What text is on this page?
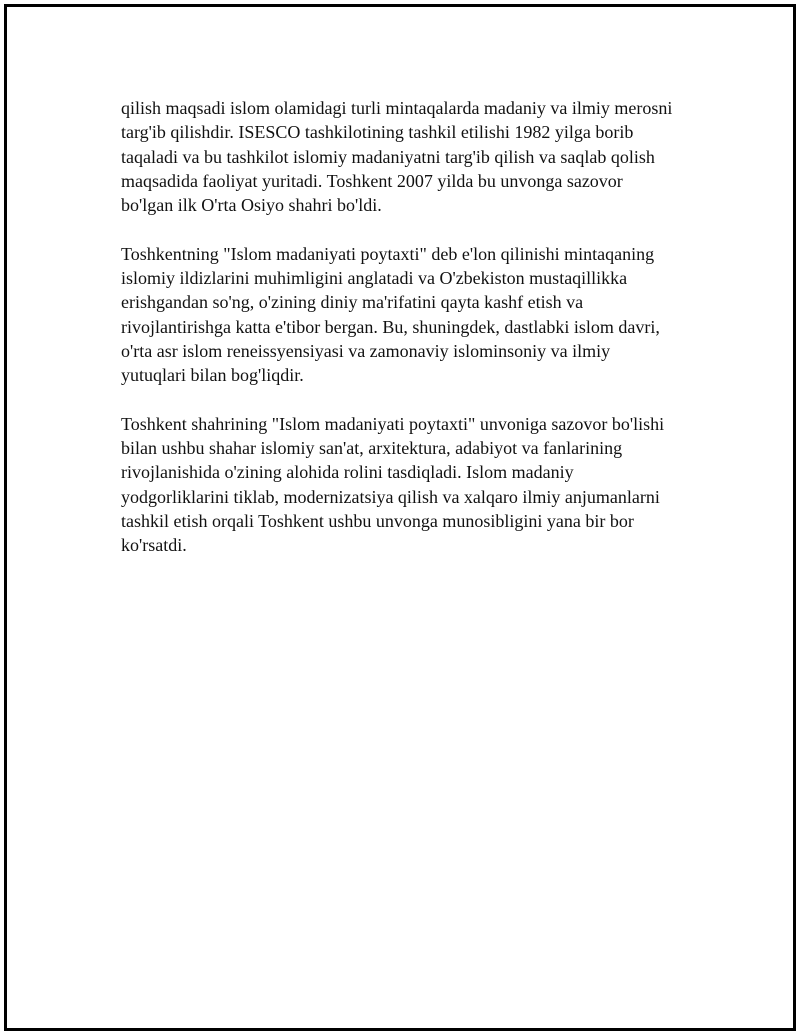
qilish maqsadi islom olamidagi turli mintaqalarda madaniy va ilmiy merosni
targ'ib qilishdir. ISESCO tashkilotining tashkil etilishi 1982 yilga borib
taqaladi va bu tashkilot islomiy madaniyatni targ'ib qilish va saqlab qolish
maqsadida faoliyat yuritadi. Toshkent 2007 yilda bu unvonga sazovor
bo'lgan ilk O'rta Osiyo shahri bo'ldi.

Toshkentning "Islom madaniyati poytaxti" deb e'lon qilinishi mintaqaning
islomiy ildizlarini muhimligini anglatadi va O'zbekiston mustaqillikka
erishgandan so'ng, o'zining diniy ma'rifatini qayta kashf etish va
rivojlantirishga katta e'tibor bergan. Bu, shuningdek, dastlabki islom davri,
o'rta asr islom reneissyensiyasi va zamonaviy islominsoniy va ilmiy
yutuqlari bilan bog'liqdir.

Toshkent shahrining "Islom madaniyati poytaxti" unvoniga sazovor bo'lishi
bilan ushbu shahar islomiy san'at, arxitektura, adabiyot va fanlarining
rivojlanishida o'zining alohida rolini tasdiqladi. Islom madaniy
yodgorliklarini tiklab, modernizatsiya qilish va xalqaro ilmiy anjumanlarni
tashkil etish orqali Toshkent ushbu unvonga munosibligini yana bir bor
ko'rsatdi.
